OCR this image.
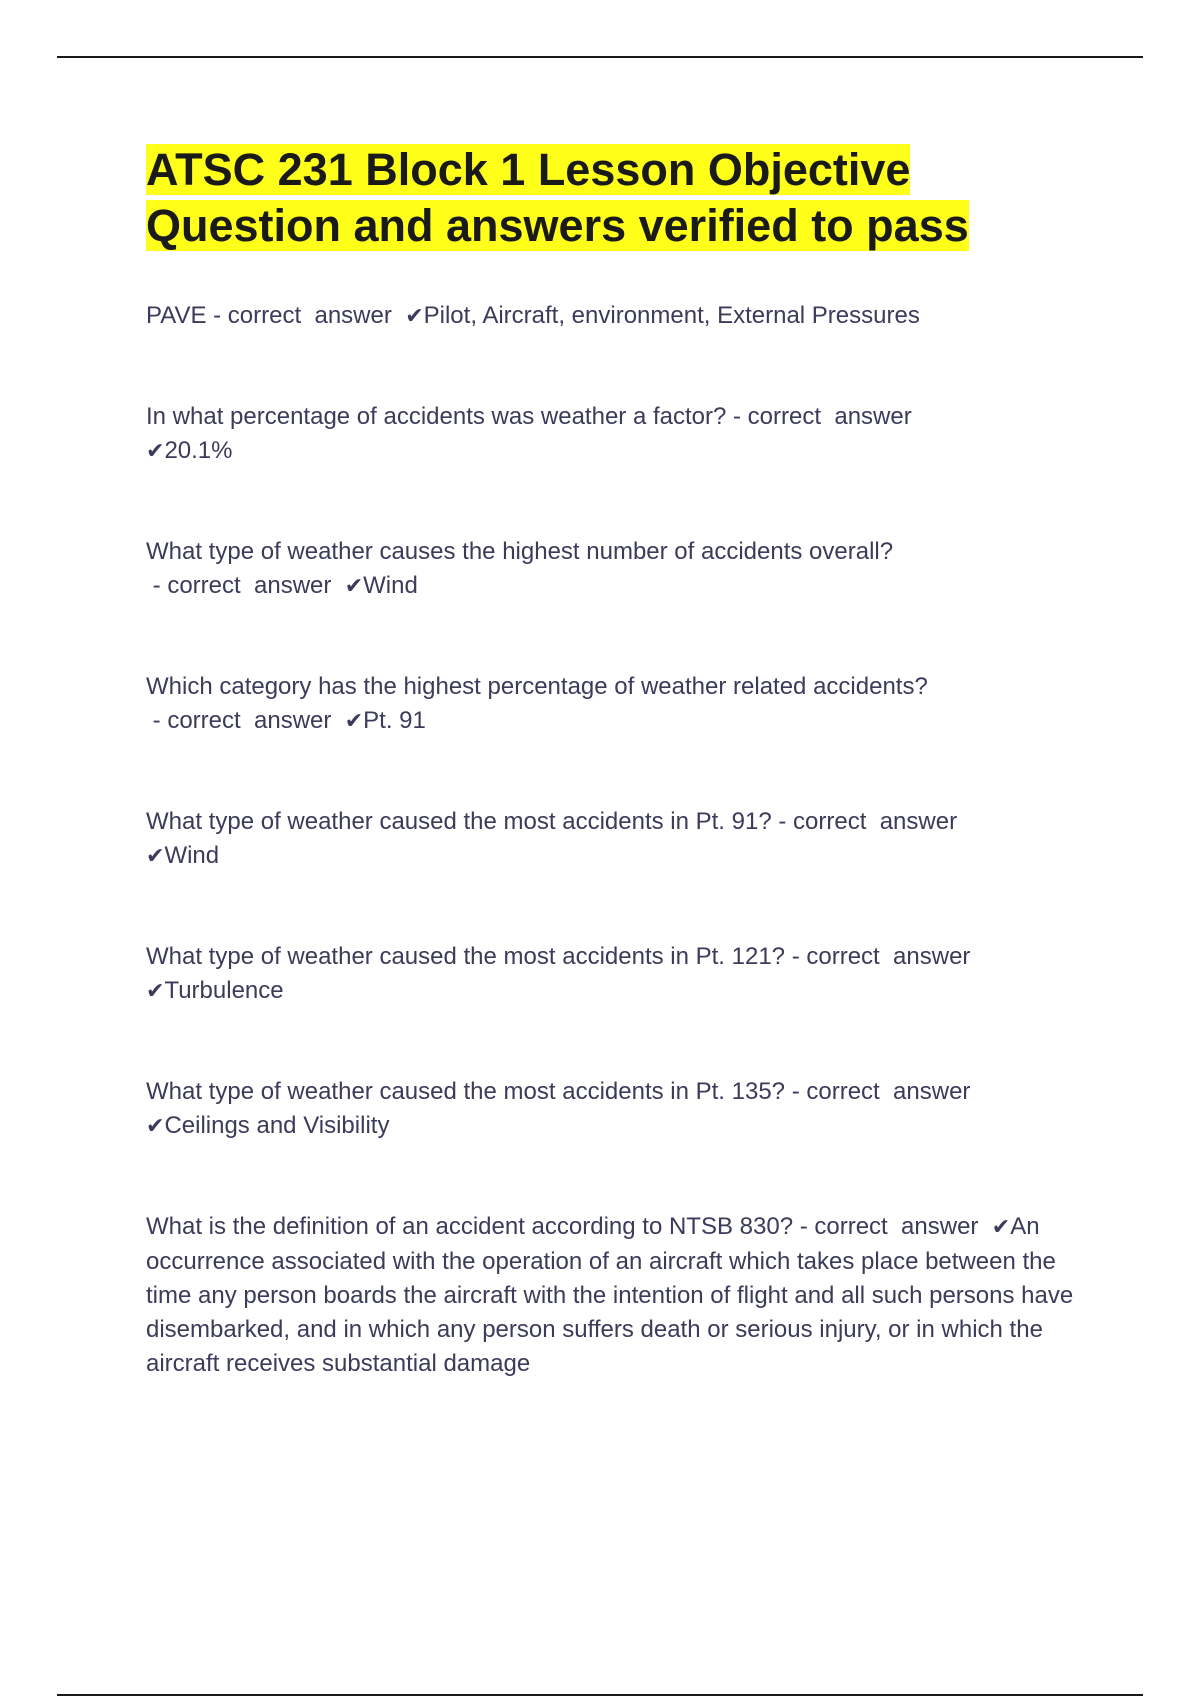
ATSC 231 Block 1 Lesson Objective
Question and answers verified to pass

PAVE - correct  answer  ✔Pilot, Aircraft, environment, External Pressures

In what percentage of accidents was weather a factor? - correct  answer
✔20.1%

What type of weather causes the highest number of accidents overall? - correct  answer  ✔Wind

Which category has the highest percentage of weather related accidents? - correct  answer  ✔Pt. 91

What type of weather caused the most accidents in Pt. 91? - correct  answer
✔Wind

What type of weather caused the most accidents in Pt. 121? - correct  answer
✔Turbulence

What type of weather caused the most accidents in Pt. 135? - correct  answer
✔Ceilings and Visibility

What is the definition of an accident according to NTSB 830? - correct  answer  ✔An occurrence associated with the operation of an aircraft which takes place between the time any person boards the aircraft with the intention of flight and all such persons have disembarked, and in which any person suffers death or serious injury, or in which the aircraft receives substantial damage
